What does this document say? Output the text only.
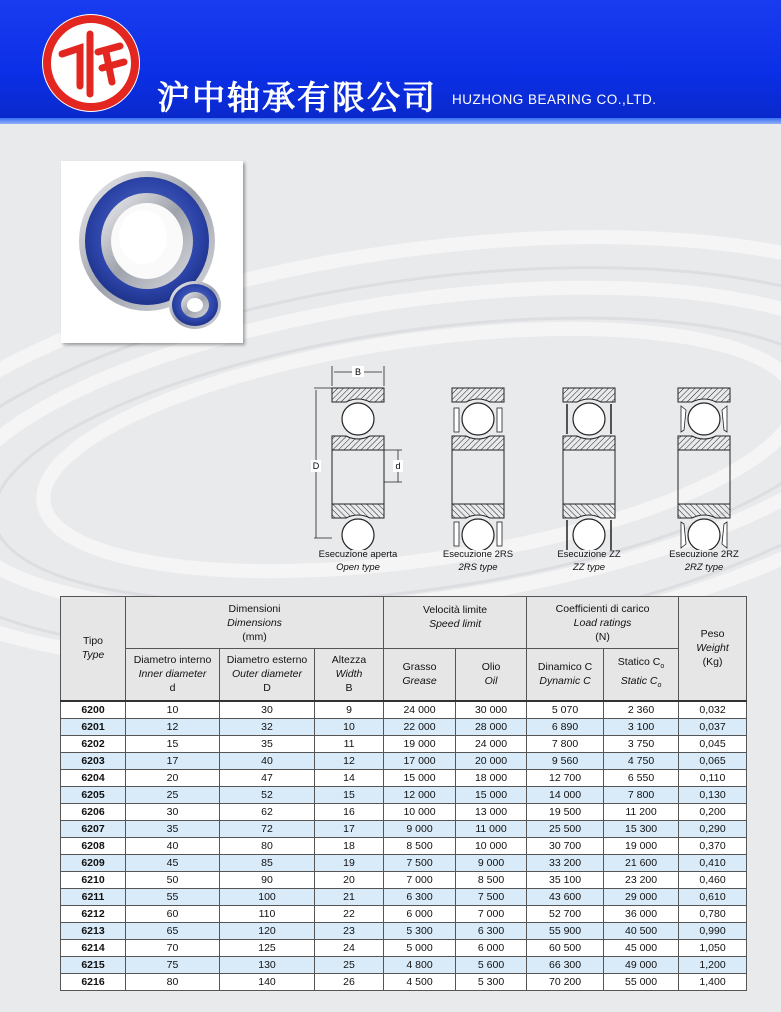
沪中轴承有限公司 HUZHONG BEARING CO.,LTD.
B
D	d
Esecuzione aperta
Open type
Esecuzione 2RS
2RS type
Esecuzione ZZ
ZZ type
Esecuzione 2RZ
2RZ type
Tipo
Type	Dimensioni
Dimensions
(mm)			Velocità limite
Speed limit		Coefficienti di carico
Load ratings
(N)		Peso
Weight
(Kg)
	Diametro interno
Inner diameter
d	Diametro esterno
Outer diameter
D	Altezza
Width
B	Grasso
Grease	Olio
Oil	Dinamico C
Dynamic C	Statico $C_o$
Static $C_o$

6200	10	30	9	24 000	30 000	5 070	2 360	0,032
6201	12	32	10	22 000	28 000	6 890	3 100	0,037
6202	15	35	11	19 000	24 000	7 800	3 750	0,045
6203	17	40	12	17 000	20 000	9 560	4 750	0,065
6204	20	47	14	15 000	18 000	12 700	6 550	0,110
6205	25	52	15	12 000	15 000	14 000	7 800	0,130
6206	30	62	16	10 000	13 000	19 500	11 200	0,200
6207	35	72	17	9 000	11 000	25 500	15 300	0,290
6208	40	80	18	8 500	10 000	30 700	19 000	0,370
6209	45	85	19	7 500	9 000	33 200	21 600	0,410
6210	50	90	20	7 000	8 500	35 100	23 200	0,460
6211	55	100	21	6 300	7 500	43 600	29 000	0,610
6212	60	110	22	6 000	7 000	52 700	36 000	0,780
6213	65	120	23	5 300	6 300	55 900	40 500	0,990
6214	70	125	24	5 000	6 000	60 500	45 000	1,050
6215	75	130	25	4 800	5 600	66 300	49 000	1,200
6216	80	140	26	4 500	5 300	70 200	55 000	1,400
